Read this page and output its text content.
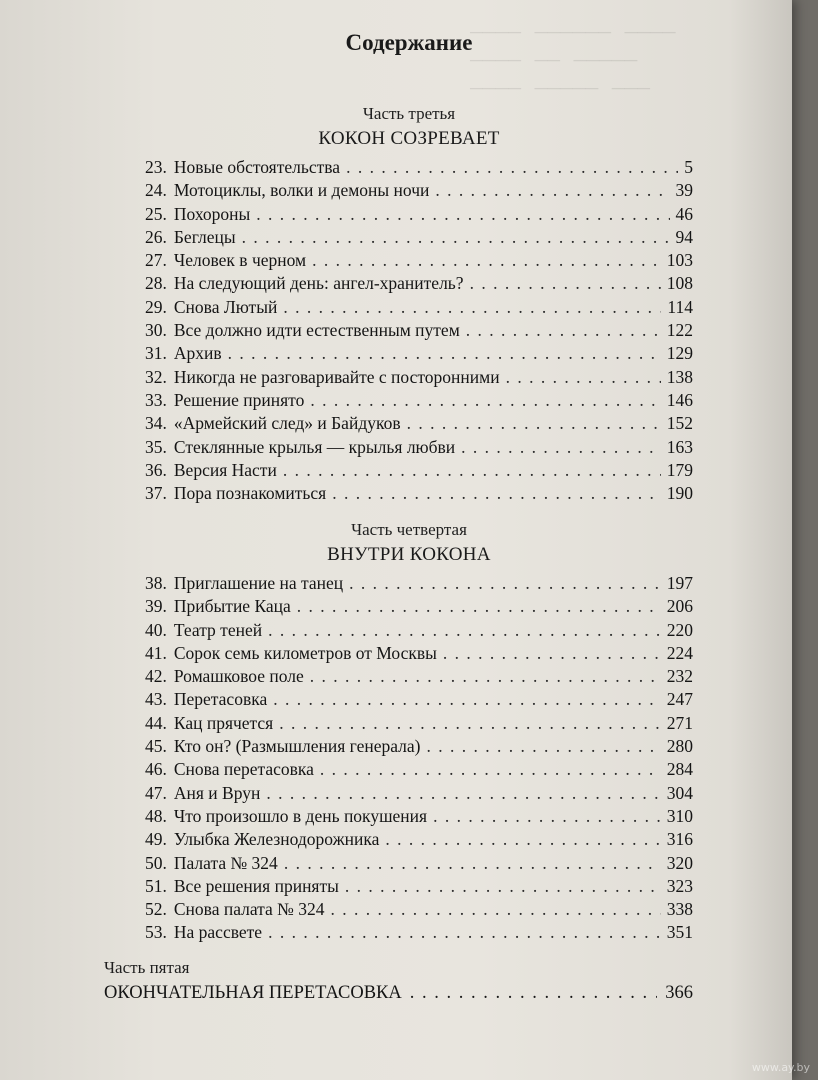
────   ──────   ────
────   ──   ─────
────   ─────   ───
Содержание
Часть третья
КОКОН СОЗРЕВАЕТ
23. Новые обстоятельства . . .	5
24. Мотоциклы, волки и демоны ночи . . .	39
25. Похороны . . .	46
26. Беглецы . . .	94
27. Человек в черном . . .	103
28. На следующий день: ангел-хранитель? . . .	108
29. Снова Лютый . . .	114
30. Все должно идти естественным путем . . .	122
31. Архив . . .	129
32. Никогда не разговаривайте с посторонними . . .	138
33. Решение принято . . .	146
34. «Армейский след» и Байдуков . . .	152
35. Стеклянные крылья — крылья любви . . .	163
36. Версия Насти . . .	179
37. Пора познакомиться . . .	190
Часть четвертая
ВНУТРИ КОКОНА
38. Приглашение на танец . . .	197
39. Прибытие Каца . . .	206
40. Театр теней . . .	220
41. Сорок семь километров от Москвы . . .	224
42. Ромашковое поле . . .	232
43. Перетасовка . . .	247
44. Кац прячется . . .	271
45. Кто он? (Размышления генерала) . . .	280
46. Снова перетасовка . . .	284
47. Аня и Врун . . .	304
48. Что произошло в день покушения . . .	310
49. Улыбка Железнодорожника . . .	316
50. Палата № 324 . . .	320
51. Все решения приняты . . .	323
52. Снова палата № 324 . . .	338
53. На рассвете . . .	351
Часть пятая
ОКОНЧАТЕЛЬНАЯ ПЕРЕТАСОВКА . . .	366
www.ay.by
